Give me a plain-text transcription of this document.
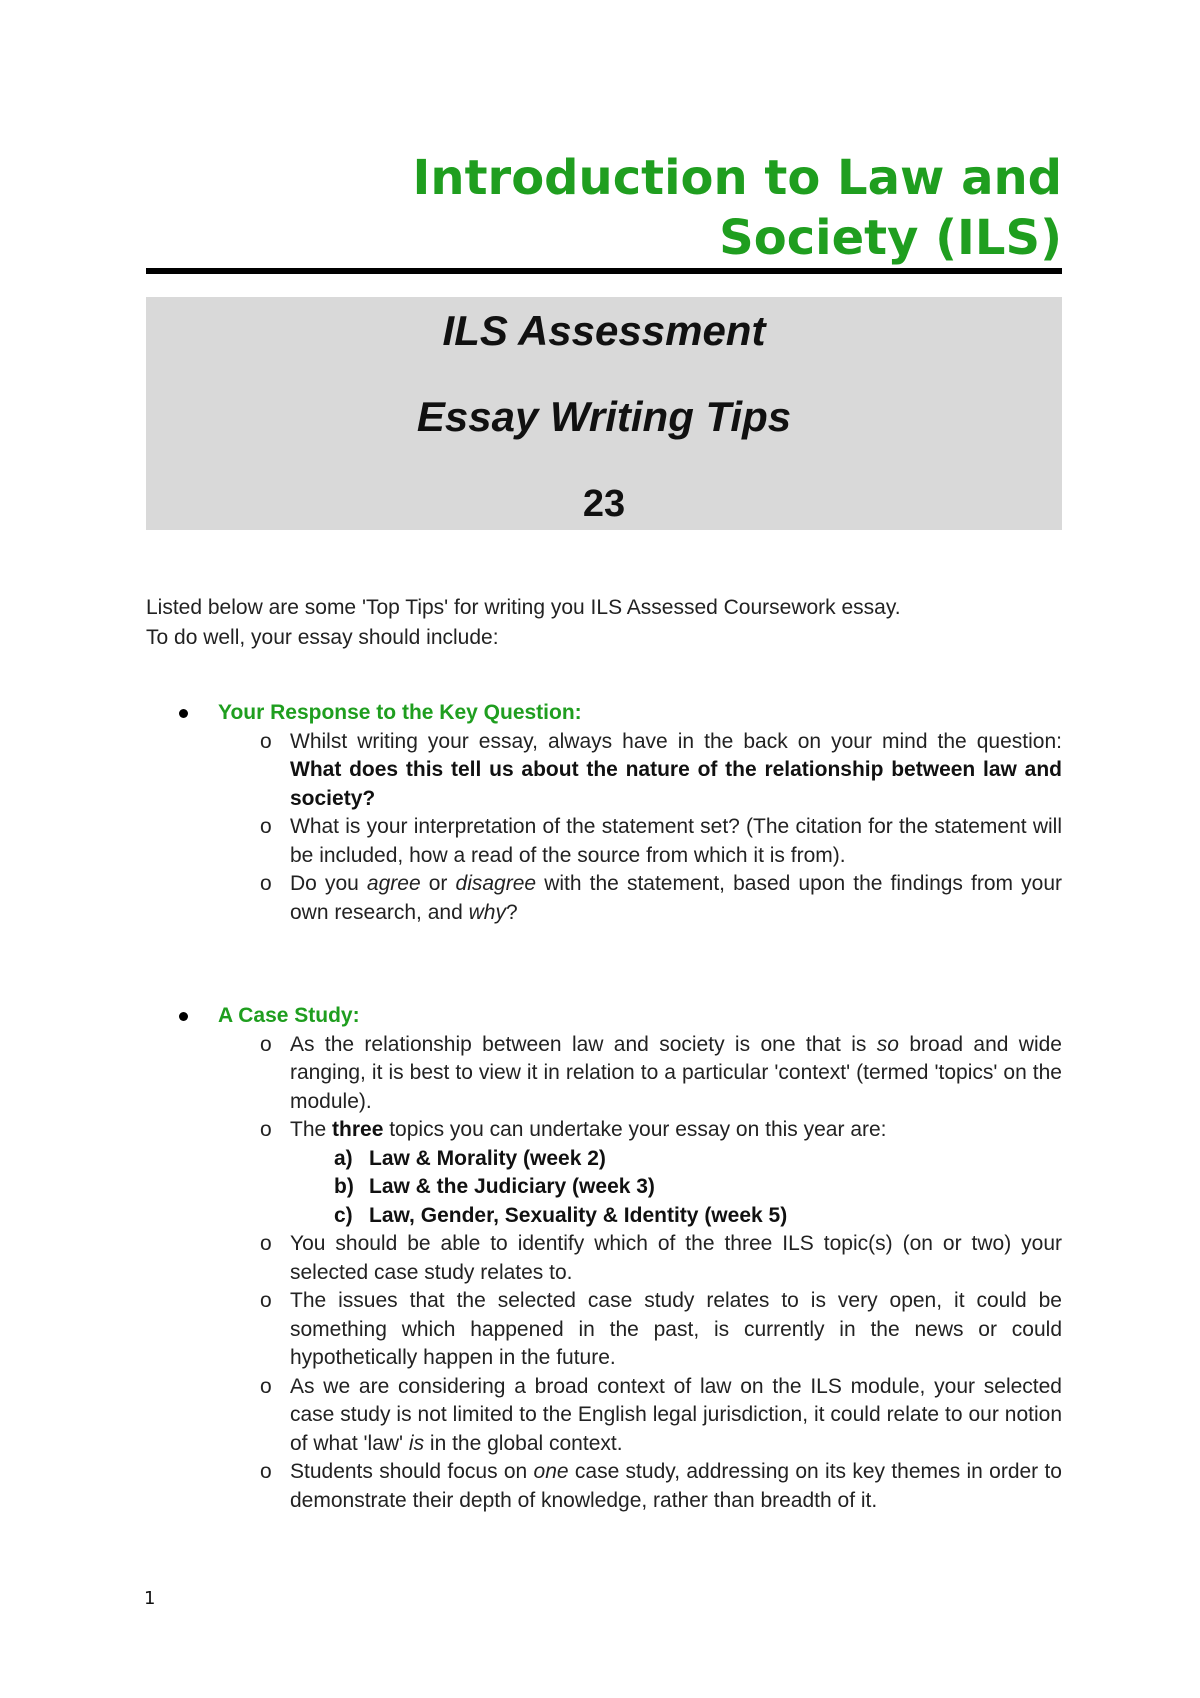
Introduction to Law and
Society (ILS)
ILS Assessment
Essay Writing Tips
23
Listed below are some 'Top Tips' for writing you ILS Assessed Coursework essay.
To do well, your essay should include:
Your Response to the Key Question:
o Whilst writing your essay, always have in the back on your mind the question: What does this tell us about the nature of the relationship between law and society?
o What is your interpretation of the statement set? (The citation for the statement will be included, how a read of the source from which it is from).
o Do you agree or disagree with the statement, based upon the findings from your own research, and why?
A Case Study:
o As the relationship between law and society is one that is so broad and wide ranging, it is best to view it in relation to a particular 'context' (termed 'topics' on the module).
o The three topics you can undertake your essay on this year are:
a) Law & Morality (week 2)
b) Law & the Judiciary (week 3)
c) Law, Gender, Sexuality & Identity (week 5)
o You should be able to identify which of the three ILS topic(s) (on or two) your selected case study relates to.
o The issues that the selected case study relates to is very open, it could be something which happened in the past, is currently in the news or could hypothetically happen in the future.
o As we are considering a broad context of law on the ILS module, your selected case study is not limited to the English legal jurisdiction, it could relate to our notion of what 'law' is in the global context.
o Students should focus on one case study, addressing on its key themes in order to demonstrate their depth of knowledge, rather than breadth of it.
1
